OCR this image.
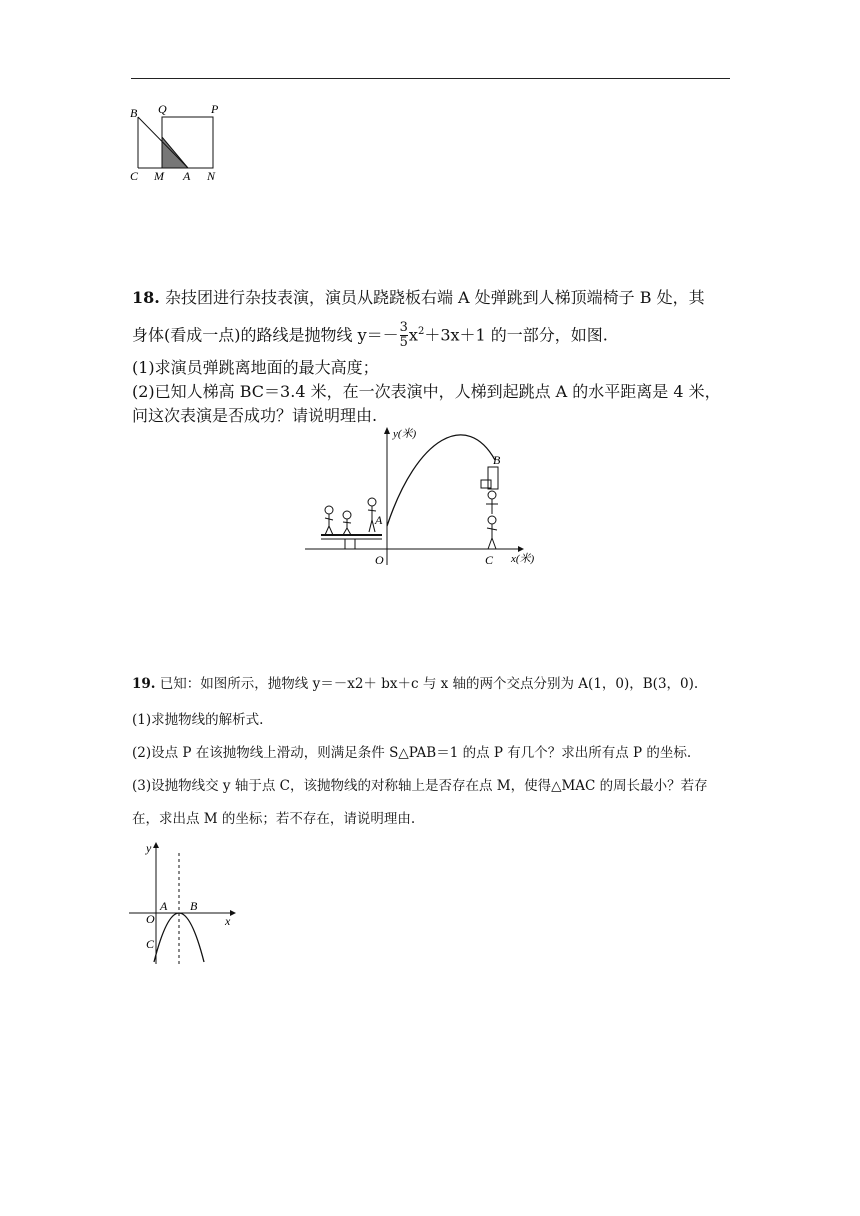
B Q	P
C M A N
18. 杂技团进行杂技表演，演员从跷跷板右端 A 处弹跳到人梯顶端椅子 B 处，其
身体(看成一点)的路线是抛物线 $y=- \frac{3}{5} x^2+3x+1$ 的一部分，如图.
(1)求演员弹跳离地面的最大高度；
(2)已知人梯高 BC＝3.4 米，在一次表演中，人梯到起跳点 A 的水平距离是 4 米，
问这次表演是否成功？请说明理由.
y(米)
x(米)
O
A
B
C
19. 已知：如图所示，抛物线 y＝－x2＋ bx＋c 与 x 轴的两个交点分别为 A(1，0)，B(3，0).
(1)求抛物线的解析式.
(2)设点 P 在该抛物线上滑动，则满足条件 S△PAB＝1 的点 P 有几个？求出所有点 P 的坐标.
(3)设抛物线交 y 轴于点 C，该抛物线的对称轴上是否存在点 M，使得△MAC 的周长最小？若存
在，求出点 M 的坐标；若不存在，请说明理由.
y
x
O
A B
C
